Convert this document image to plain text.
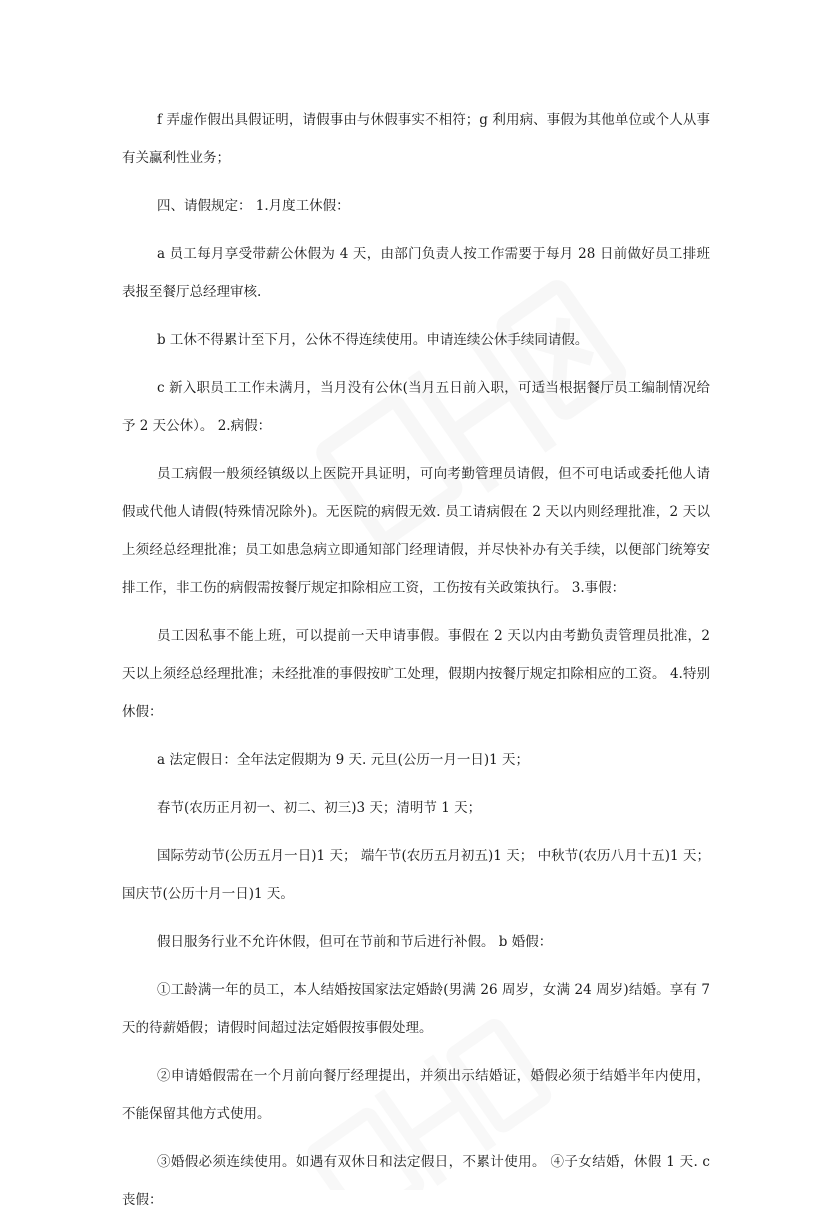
f 弄虚作假出具假证明，请假事由与休假事实不相符；g 利用病、事假为其他单位或个人从事有关赢利性业务；

四、请假规定： 1.月度工休假：

a 员工每月享受带薪公休假为 4 天，由部门负责人按工作需要于每月 28 日前做好员工排班表报至餐厅总经理审核.

b 工休不得累计至下月，公休不得连续使用。申请连续公休手续同请假。

c 新入职员工工作未满月，当月没有公休(当月五日前入职，可适当根据餐厅员工编制情况给予 2 天公休）。 2.病假：

员工病假一般须经镇级以上医院开具证明，可向考勤管理员请假，但不可电话或委托他人请假或代他人请假(特殊情况除外)。无医院的病假无效. 员工请病假在 2 天以内则经理批准，2 天以上须经总经理批准；员工如患急病立即通知部门经理请假，并尽快补办有关手续，以便部门统筹安排工作，非工伤的病假需按餐厅规定扣除相应工资，工伤按有关政策执行。 3.事假：

员工因私事不能上班，可以提前一天申请事假。事假在 2 天以内由考勤负责管理员批准，2 天以上须经总经理批准；未经批准的事假按旷工处理，假期内按餐厅规定扣除相应的工资。 4.特别休假：

a 法定假日：全年法定假期为 9 天. 元旦(公历一月一日)1 天；

春节(农历正月初一、初二、初三)3 天；清明节 1 天；

国际劳动节(公历五月一日)1 天； 端午节(农历五月初五)1 天； 中秋节(农历八月十五)1 天； 国庆节(公历十月一日)1 天。

假日服务行业不允许休假，但可在节前和节后进行补假。 b 婚假：

①工龄满一年的员工，本人结婚按国家法定婚龄(男满 26 周岁，女满 24 周岁)结婚。享有 7 天的待薪婚假；请假时间超过法定婚假按事假处理。

②申请婚假需在一个月前向餐厅经理提出，并须出示结婚证，婚假必须于结婚半年内使用，不能保留其他方式使用。

③婚假必须连续使用。如遇有双休日和法定假日，不累计使用。 ④子女结婚，休假 1 天. c 丧假：
